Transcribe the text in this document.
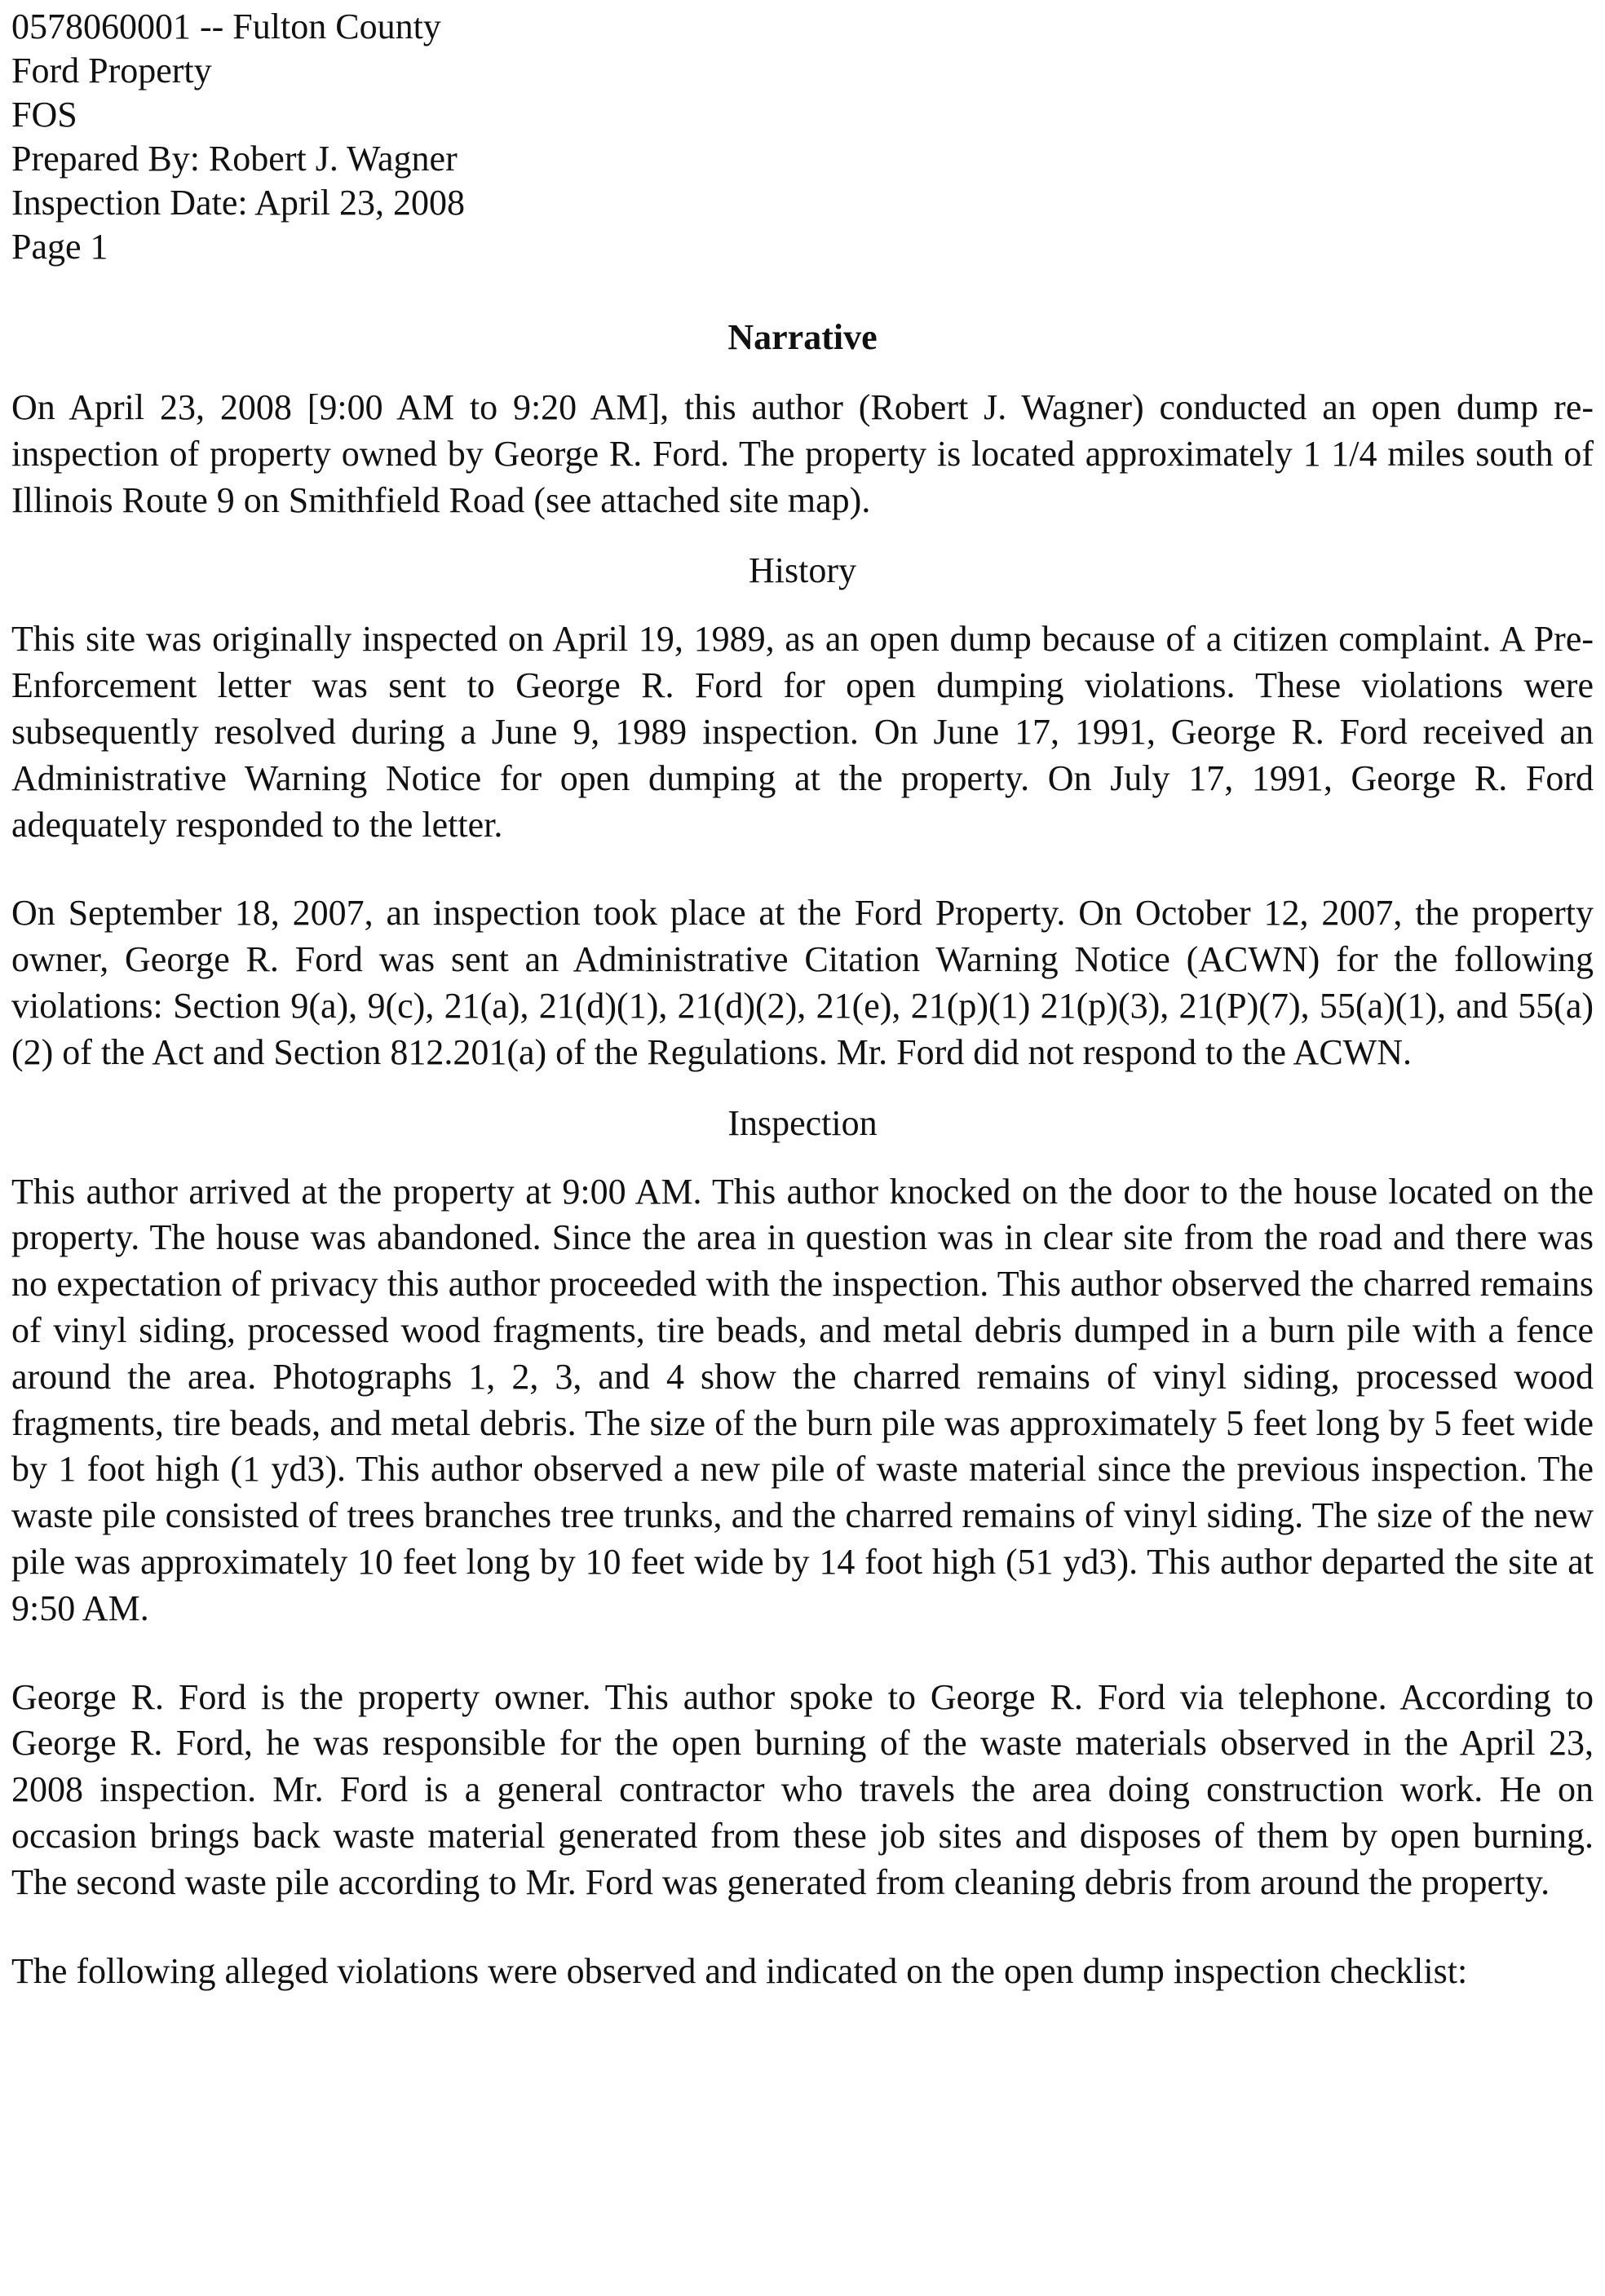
0578060001 -- Fulton County
Ford Property
FOS
Prepared By: Robert J. Wagner
Inspection Date: April 23, 2008
Page 1
Narrative

On April 23, 2008 [9:00 AM to 9:20 AM], this author (Robert J. Wagner) conducted an open dump re-inspection of property owned by George R. Ford. The property is located approximately 1 1/4 miles south of Illinois Route 9 on Smithfield Road (see attached site map).

History

This site was originally inspected on April 19, 1989, as an open dump because of a citizen complaint. A Pre-Enforcement letter was sent to George R. Ford for open dumping violations. These violations were subsequently resolved during a June 9, 1989 inspection. On June 17, 1991, George R. Ford received an Administrative Warning Notice for open dumping at the property. On July 17, 1991, George R. Ford adequately responded to the letter.

On September 18, 2007, an inspection took place at the Ford Property. On October 12, 2007, the property owner, George R. Ford was sent an Administrative Citation Warning Notice (ACWN) for the following violations: Section 9(a), 9(c), 21(a), 21(d)(1), 21(d)(2), 21(e), 21(p)(1) 21(p)(3), 21(P)(7), 55(a)(1), and 55(a)(2) of the Act and Section 812.201(a) of the Regulations. Mr. Ford did not respond to the ACWN.

Inspection

This author arrived at the property at 9:00 AM. This author knocked on the door to the house located on the property. The house was abandoned. Since the area in question was in clear site from the road and there was no expectation of privacy this author proceeded with the inspection. This author observed the charred remains of vinyl siding, processed wood fragments, tire beads, and metal debris dumped in a burn pile with a fence around the area. Photographs 1, 2, 3, and 4 show the charred remains of vinyl siding, processed wood fragments, tire beads, and metal debris. The size of the burn pile was approximately 5 feet long by 5 feet wide by 1 foot high (1 yd3). This author observed a new pile of waste material since the previous inspection. The waste pile consisted of trees branches tree trunks, and the charred remains of vinyl siding. The size of the new pile was approximately 10 feet long by 10 feet wide by 14 foot high (51 yd3). This author departed the site at 9:50 AM.

George R. Ford is the property owner. This author spoke to George R. Ford via telephone. According to George R. Ford, he was responsible for the open burning of the waste materials observed in the April 23, 2008 inspection. Mr. Ford is a general contractor who travels the area doing construction work. He on occasion brings back waste material generated from these job sites and disposes of them by open burning. The second waste pile according to Mr. Ford was generated from cleaning debris from around the property.

The following alleged violations were observed and indicated on the open dump inspection checklist:
